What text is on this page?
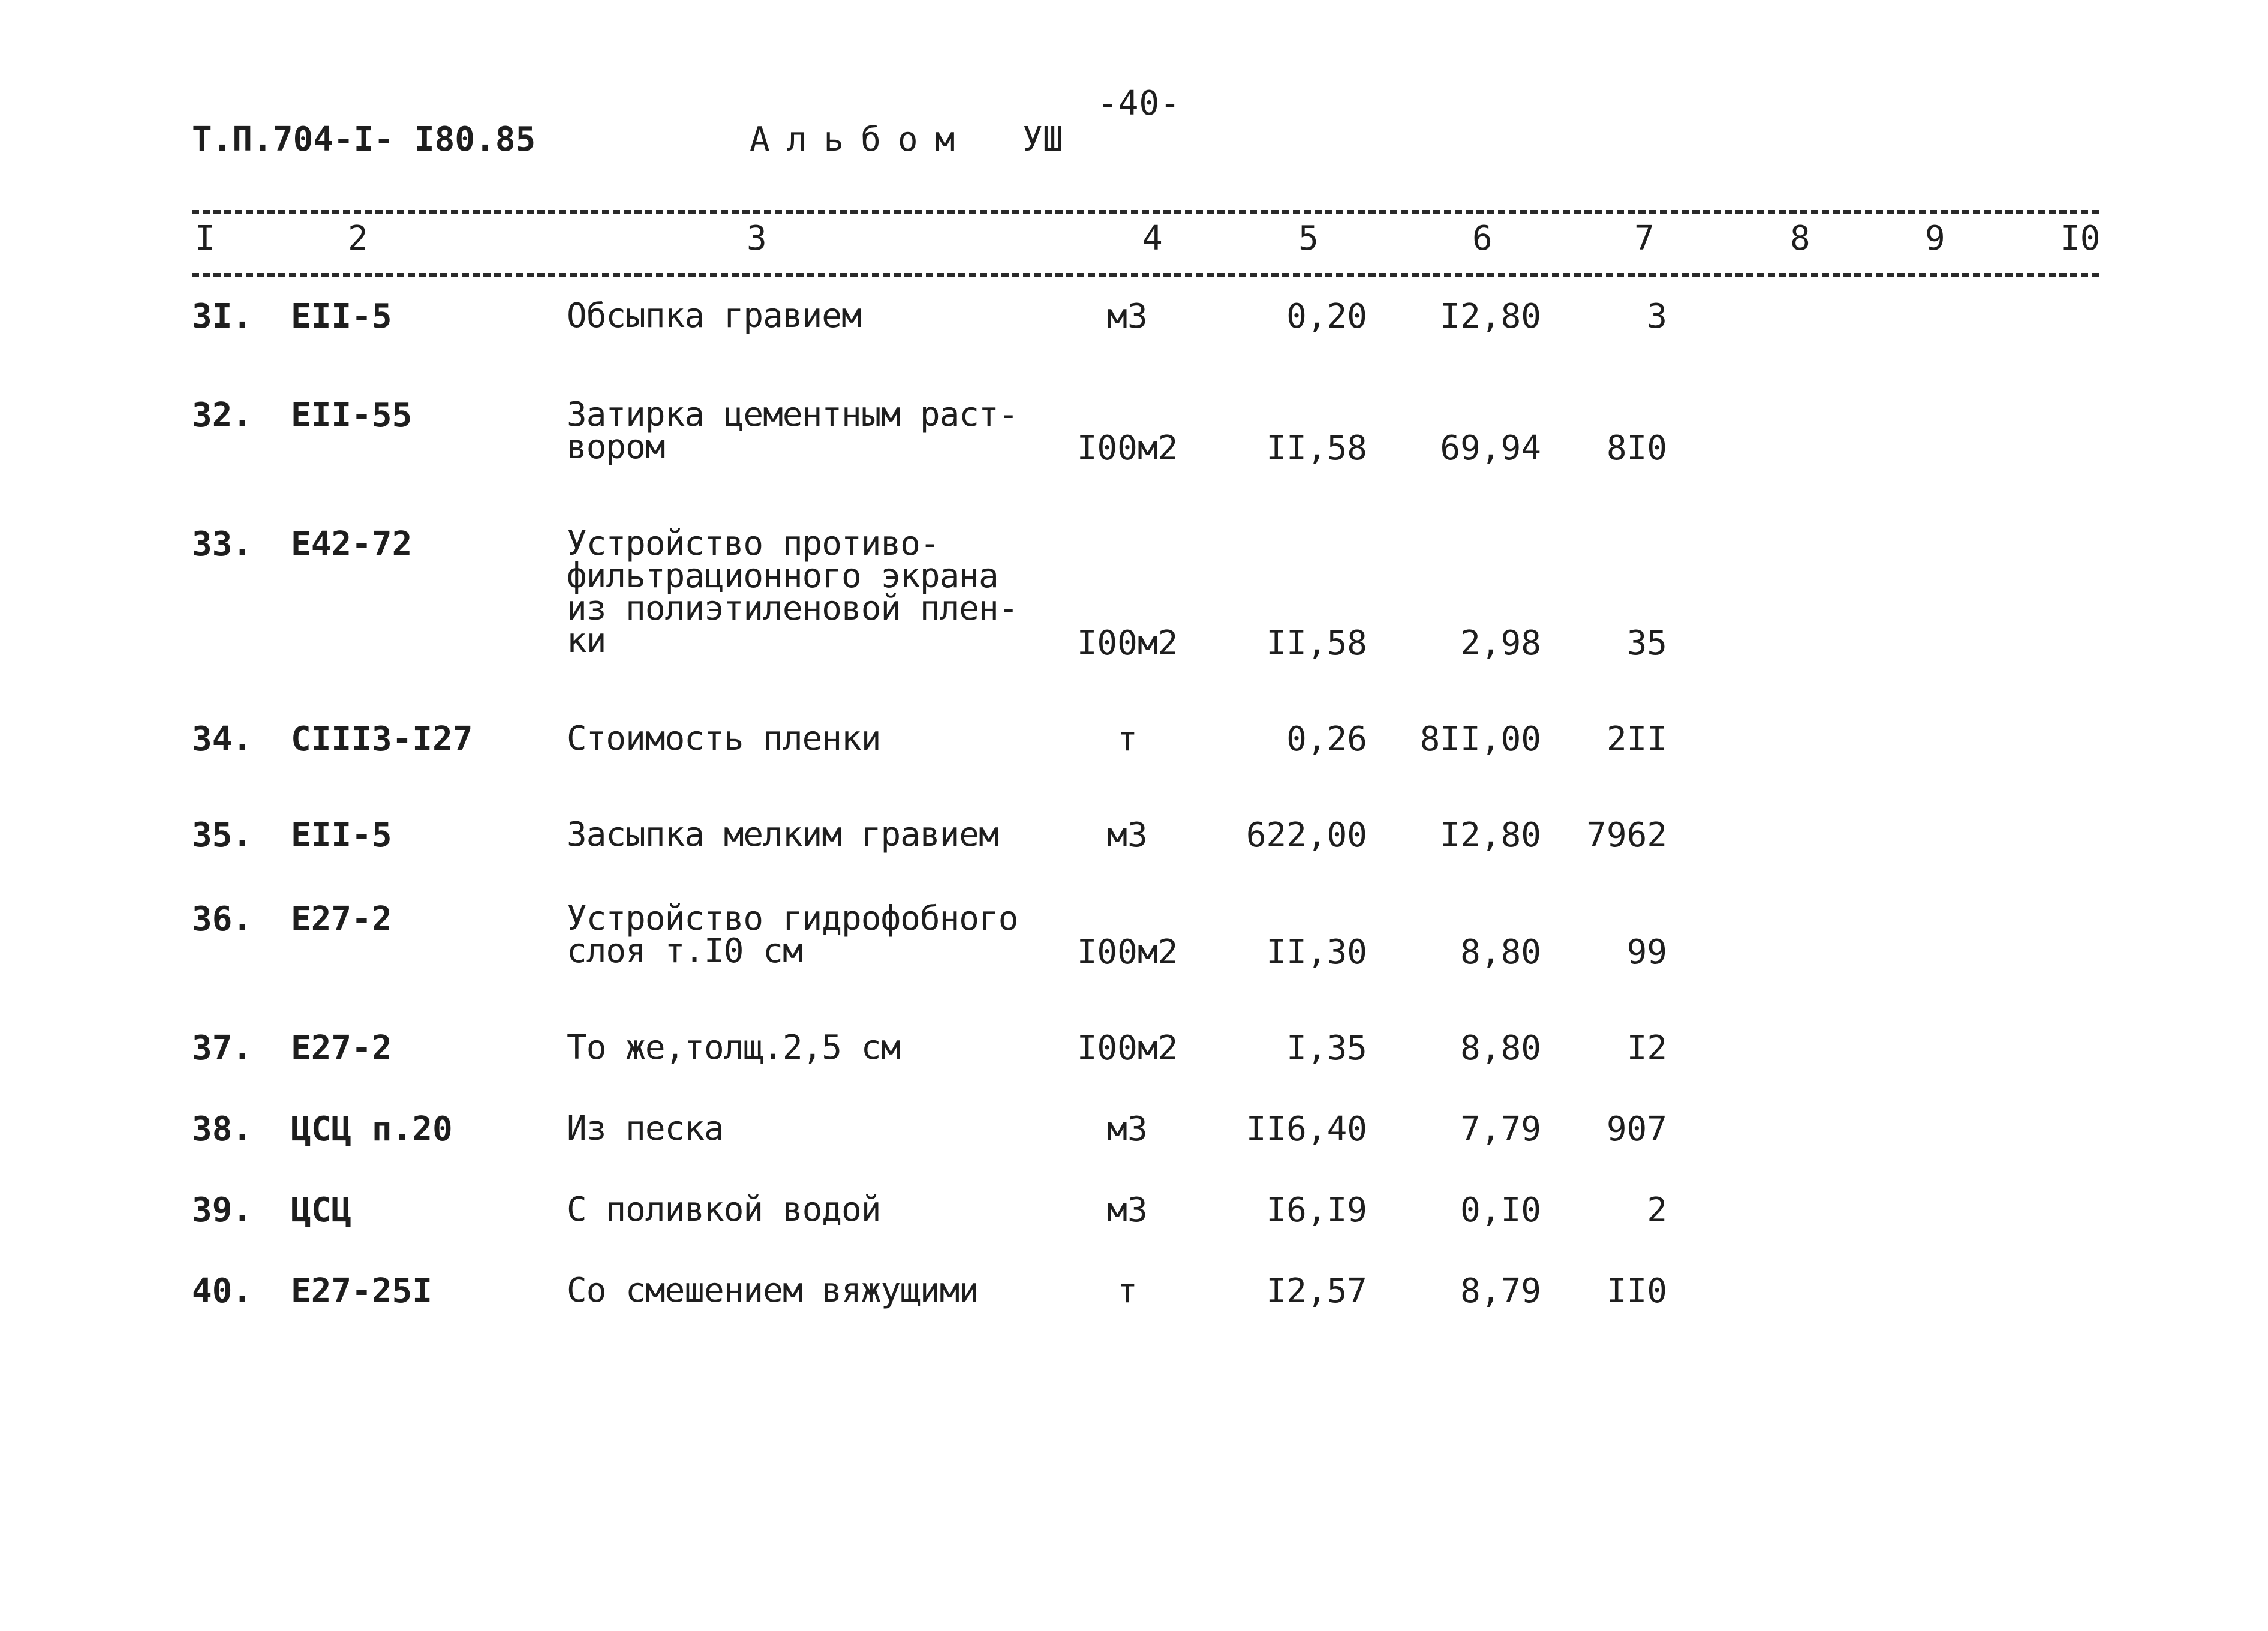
-40-
Т.П.704-I- I80.85	Альбом УШ
I	2	3	4	5	6	7	8	9	I0
3I. EII-5	Обсыпка гравием	м3	0,20	I2,80	3
32. EII-55	Затирка цементным раст-
вором	I00м2	II,58	69,94	8I0
33. E42-72	Устройство противо-
фильтрационного экрана
из полиэтиленовой плен-
ки	I00м2	II,58	2,98	35
34. CIII3-I27	Стоимость пленки	т	0,26	8II,00	2II
35. EII-5	Засыпка мелким гравием	м3	622,00	I2,80	7962
36. E27-2	Устройство гидрофобного
слоя т.I0 см	I00м2	II,30	8,80	99
37. E27-2	То же,толщ.2,5 см	I00м2	I,35	8,80	I2
38. ЦСЦ п.20	Из песка	м3	II6,40	7,79	907
39. ЦСЦ	С поливкой водой	м3	I6,I9	0,I0	2
40. E27-25I	Со смешением вяжущими	т	I2,57	8,79	II0
